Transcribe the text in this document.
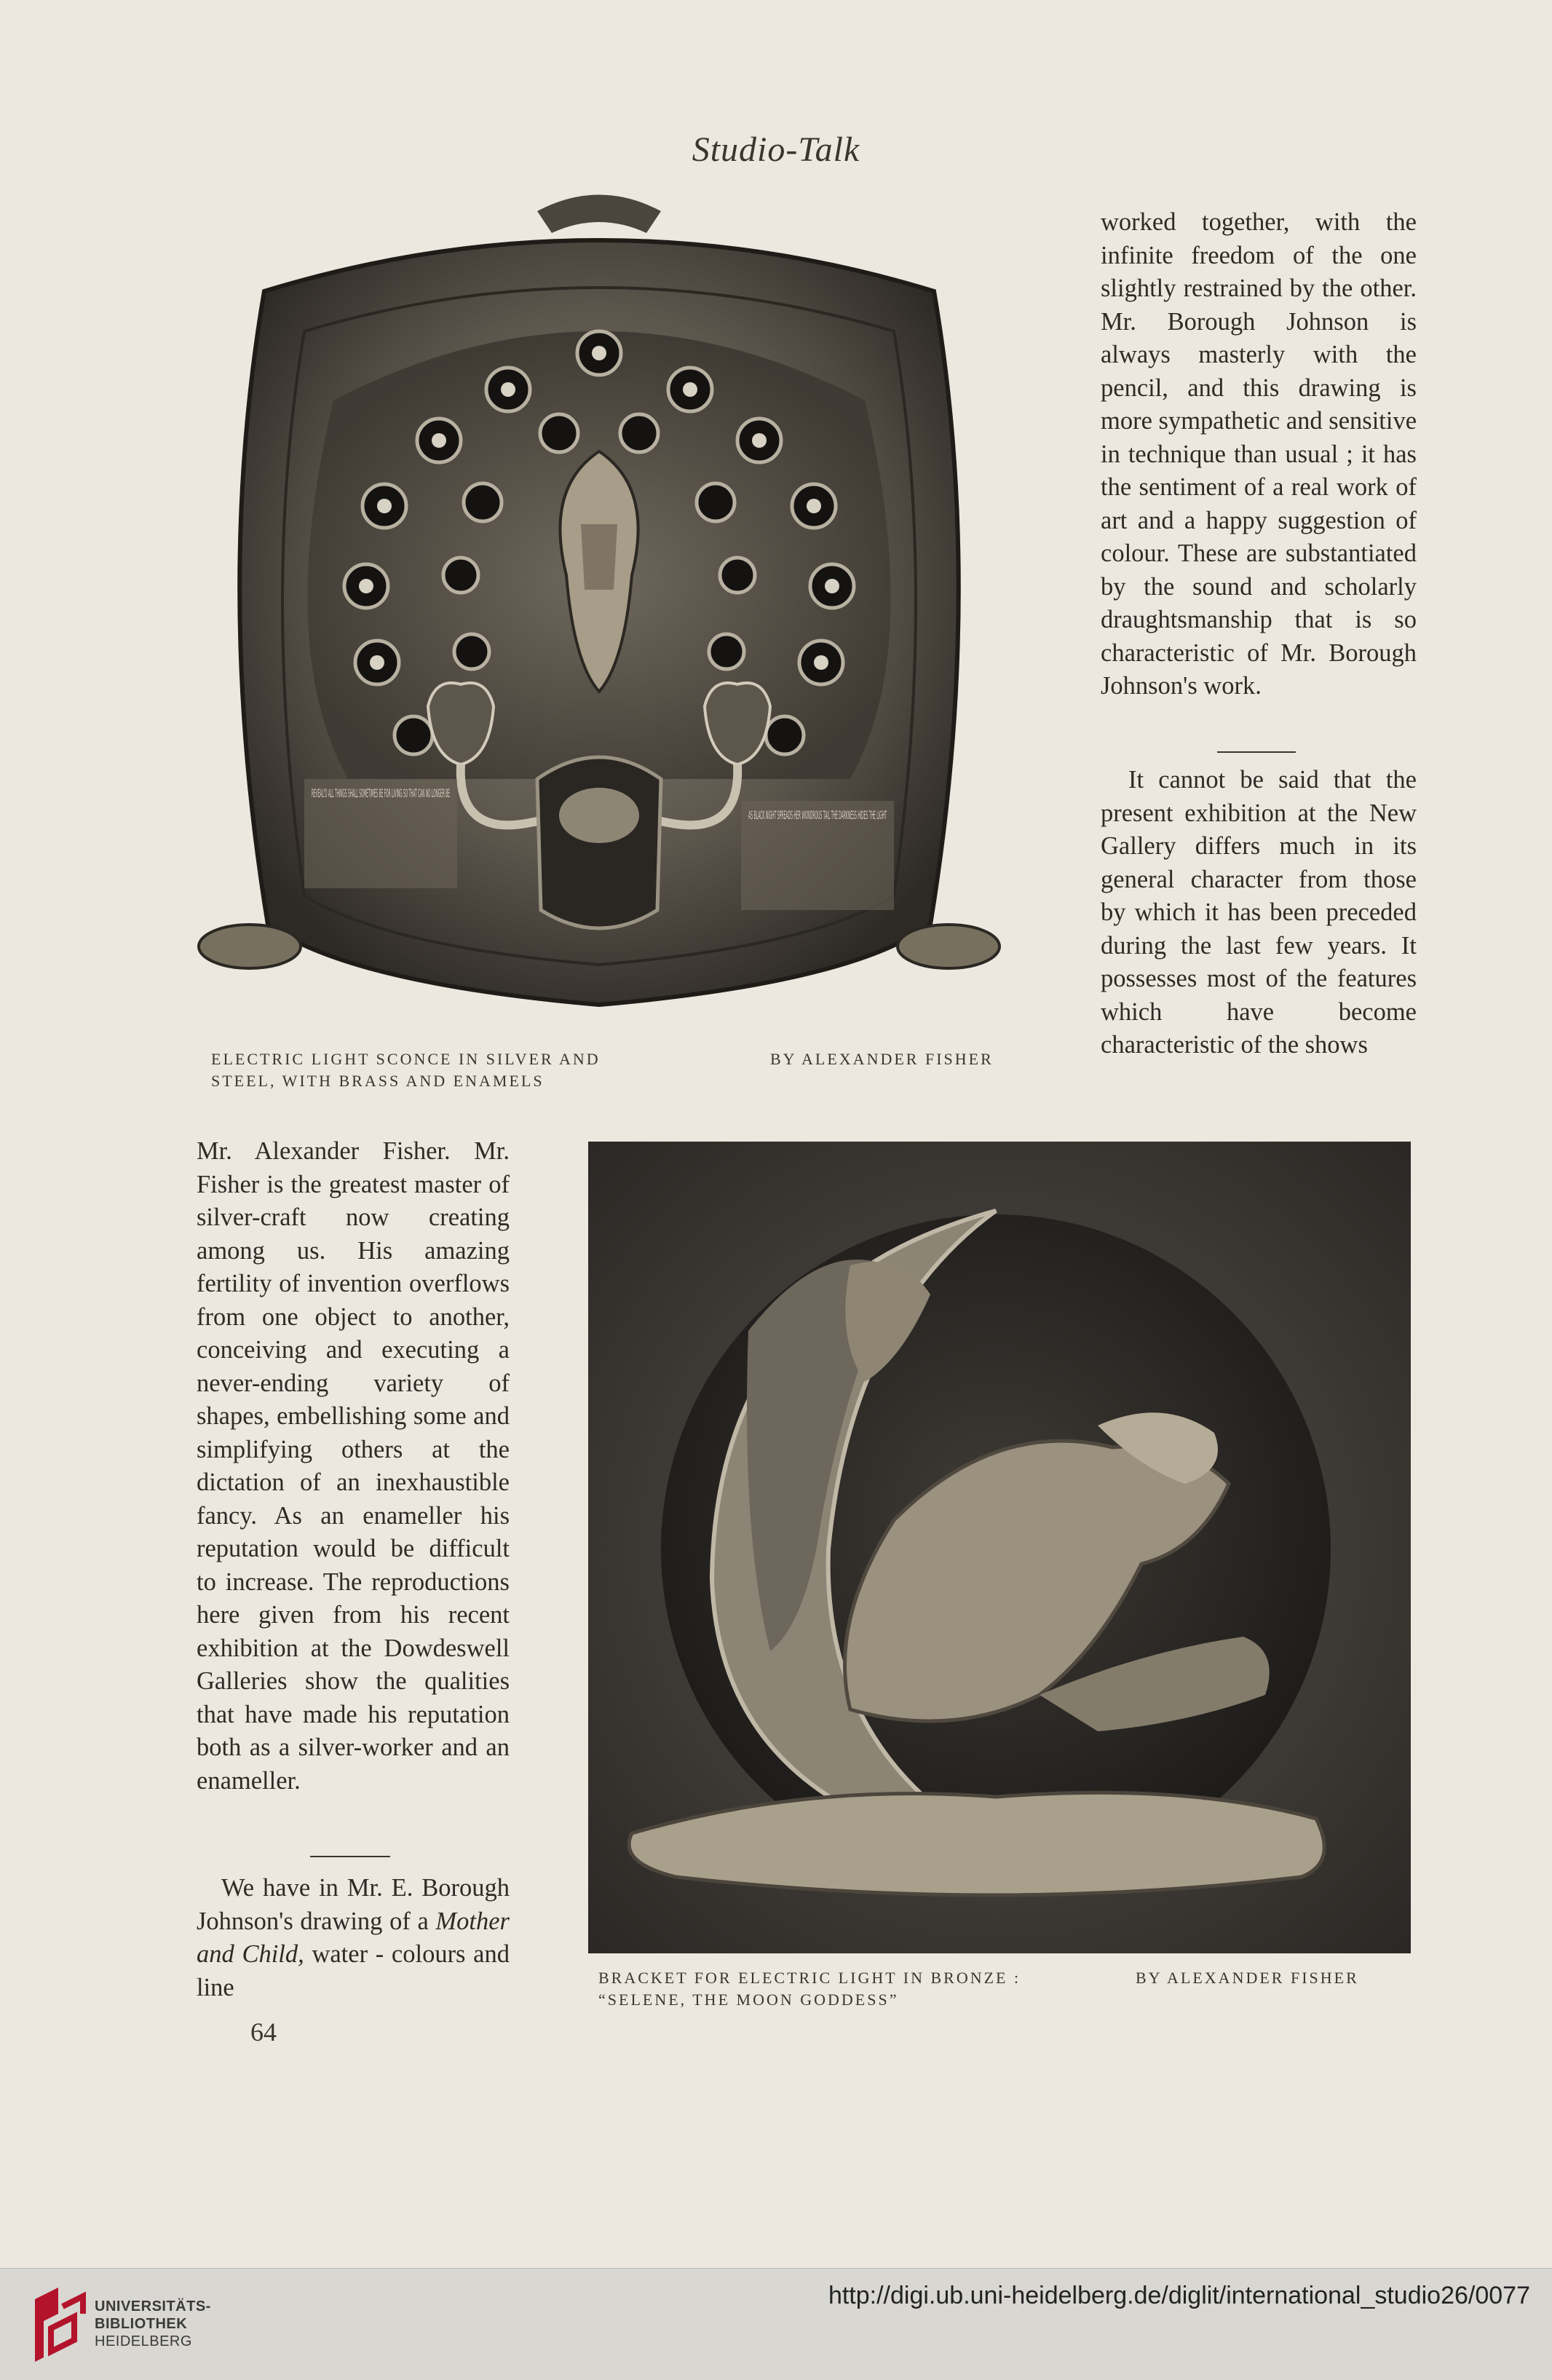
Studio-Talk
REVEAL'D ALL THINGS SHALL SOMETIMES BE FOR LIVING SO THAT CAN NO LONGER BE
AS BLACK NIGHT SPREADS HER WONDROUS TAIL THE DARKNESS HIDES THE LIGHT
ELECTRIC LIGHT SCONCE IN SILVER AND
STEEL, WITH BRASS AND ENAMELS
BY ALEXANDER FISHER

worked together, with the infinite freedom of the one slightly restrained by the other. Mr. Borough Johnson is always masterly with the pencil, and this drawing is more sympathetic and sensitive in technique than usual ; it has the sentiment of a real work of art and a happy suggestion of colour. These are substantiated by the sound and scholarly draughtsmanship that is so characteristic of Mr. Borough Johnson's work.

It cannot be said that the present exhibition at the New Gallery differs much in its general character from those by which it has been preceded during the last few years. It possesses most of the features which have become characteristic of the shows

Mr. Alexander Fisher. Mr. Fisher is the greatest master of silver-craft now creating among us. His amazing fertility of invention overflows from one object to another, conceiving and executing a never-ending variety of shapes, embellishing some and simplifying others at the dictation of an inexhaustible fancy. As an enameller his reputation would be difficult to increase. The reproductions here given from his recent exhibition at the Dowdeswell Galleries show the qualities that have made his reputation both as a silver-worker and an enameller.

We have in Mr. E. Borough Johnson's drawing of a Mother and Child, water - colours and line	BRACKET FOR ELECTRIC LIGHT IN BRONZE :
“SELENE, THE MOON GODDESS”
BY ALEXANDER FISHER
64
UNIVERSITÄTS-
BIBLIOTHEK
HEIDELBERG
http://digi.ub.uni-heidelberg.de/diglit/international_studio26/0077
